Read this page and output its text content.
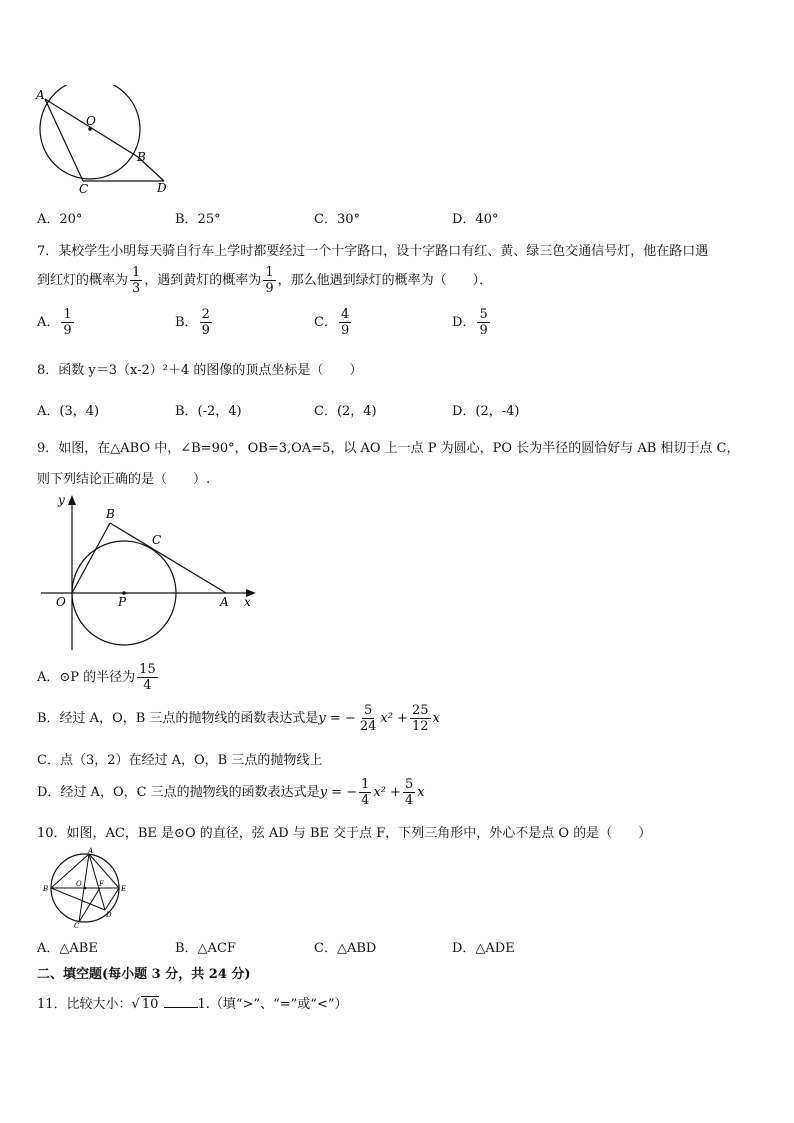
A
O
B
C	D
A．20°	B．25°	C．30°	D．40°
7．某校学生小明每天骑自行车上学时都要经过一个十字路口，设十字路口有红、黄、绿三色交通信号灯，他在路口遇
到红灯的概率为 $\frac{1}{3}$ ，遇到黄灯的概率为 $\frac{1}{9}$ ，那么他遇到绿灯的概率为（　　）．
A． $\frac{1}{9}$	B． $\frac{2}{9}$	C． $\frac{4}{9}$	D． $\frac{5}{9}$
8．函数 y＝3（x-2）²＋4 的图像的顶点坐标是（　　）
A．(3，4)	B．(-2，4)	C．(2，4)	D．(2，-4)
9．如图，在△ABO 中，∠B=90°，OB=3,OA=5，以 AO 上一点 P 为圆心，PO 长为半径的圆恰好与 AB 相切于点 C，
则下列结论正确的是（　　）.
y
x
B
C
O	P	A
A．⊙P 的半径为 $\frac{15}{4}$
B．经过 A，O，B 三点的抛物线的函数表达式是y = − $\frac{5}{24} x^2 + \frac{25}{12}$ x
C．点（3，2）在经过 A，O，B 三点的抛物线上
D．经过 A，O，C 三点的抛物线的函数表达式是y = − $\frac{1}{4} x^2 + \frac{5}{4}$ x
10．如图，AC，BE 是⊙O 的直径，弦 AD 与 BE 交于点 F，下列三角形中，外心不是点 O 的是（　　）
A
B
O F
E
C
D
A．△ABE	B．△ACF	C．△ABD	D．△ADE
二、填空题(每小题 3 分，共 24 分)
11．比较大小：√ 10	1.（填“>”、“=”或“<”）
